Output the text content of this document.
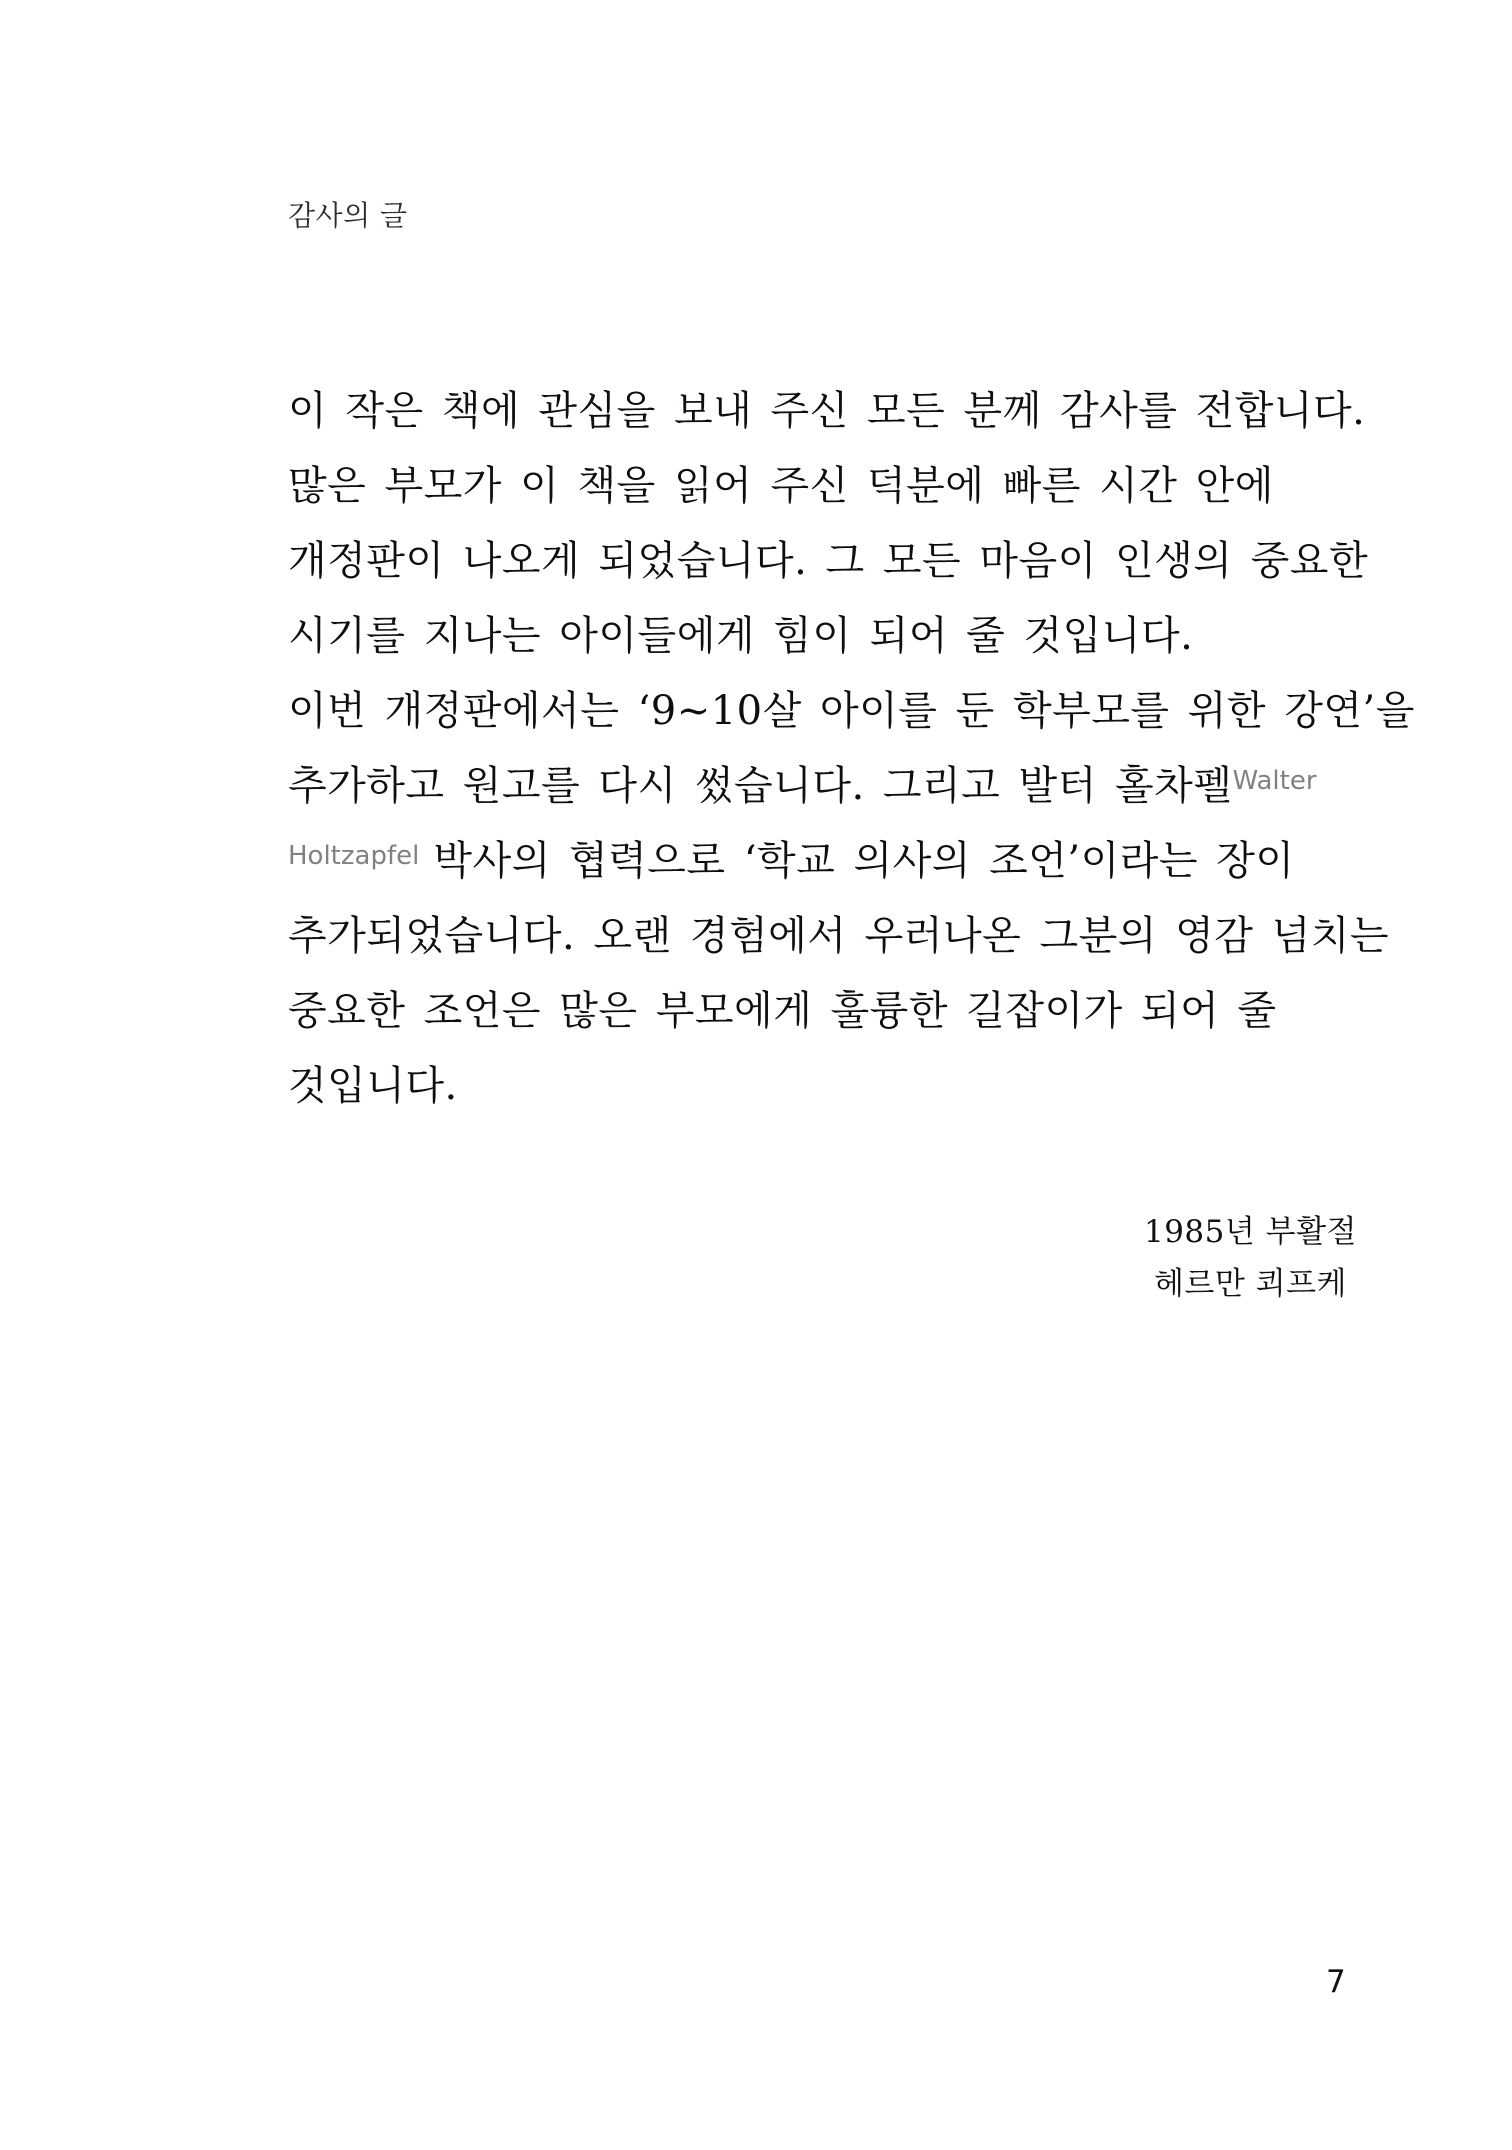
감사의 글
이 작은 책에 관심을 보내 주신 모든 분께 감사를 전합니다.
많은 부모가 이 책을 읽어 주신 덕분에 빠른 시간 안에
개정판이 나오게 되었습니다. 그 모든 마음이 인생의 중요한
시기를 지나는 아이들에게 힘이 되어 줄 것입니다.
이번 개정판에서는 ‘9~10살 아이를 둔 학부모를 위한 강연’을
추가하고 원고를 다시 썼습니다. 그리고 발터 홀차펠$^{Walter}$
$^{Holtzapfel}$ 박사의 협력으로 ‘학교 의사의 조언’이라는 장이
추가되었습니다. 오랜 경험에서 우러나온 그분의 영감 넘치는
중요한 조언은 많은 부모에게 훌륭한 길잡이가 되어 줄
것입니다.
1985년 부활절
헤르만 쾨프케
7
